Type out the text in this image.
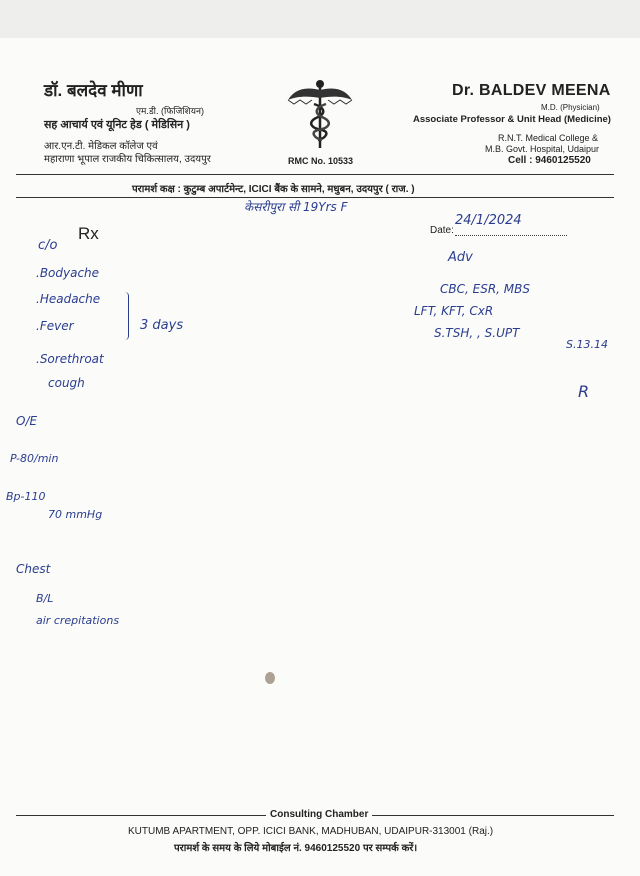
डॉ. बलदेव मीणा
एम.डी. (फिजिशियन)
सह आचार्य एवं यूनिट हेड ( मेडिसिन )
आर.एन.टी. मेडिकल कॉलेज एवं
महाराणा भूपाल राजकीय चिकित्सालय, उदयपुर	RMC No. 10533
Dr. BALDEV MEENA
M.D. (Physician)
Associate Professor & Unit Head (Medicine)
R.N.T. Medical College &
M.B. Govt. Hospital, Udaipur
Cell : 9460125520
परामर्श कक्ष : कुटुम्ब अपार्टमेन्ट, ICICI बैंक के सामने, मधुबन, उदयपुर ( राज. )
Rx	Date:
केसरीपुरा सी 19Yrs F
24/1/2024
c/o
.Bodyache
.Headache
.Fever
.Sorethroat
cough
3 days
O/E
P-80/min
Bp-110
70 mmHg
Chest
B/L
air crepitations
Adv
CBC, ESR, MBS
LFT, KFT, CxR
S.TSH, , S.UPT
S.13.14
R
Consulting Chamber
KUTUMB APARTMENT, OPP. ICICI BANK, MADHUBAN, UDAIPUR-313001 (Raj.)
परामर्श के समय के लिये मोबाईल नं. 9460125520 पर सम्पर्क करें।
